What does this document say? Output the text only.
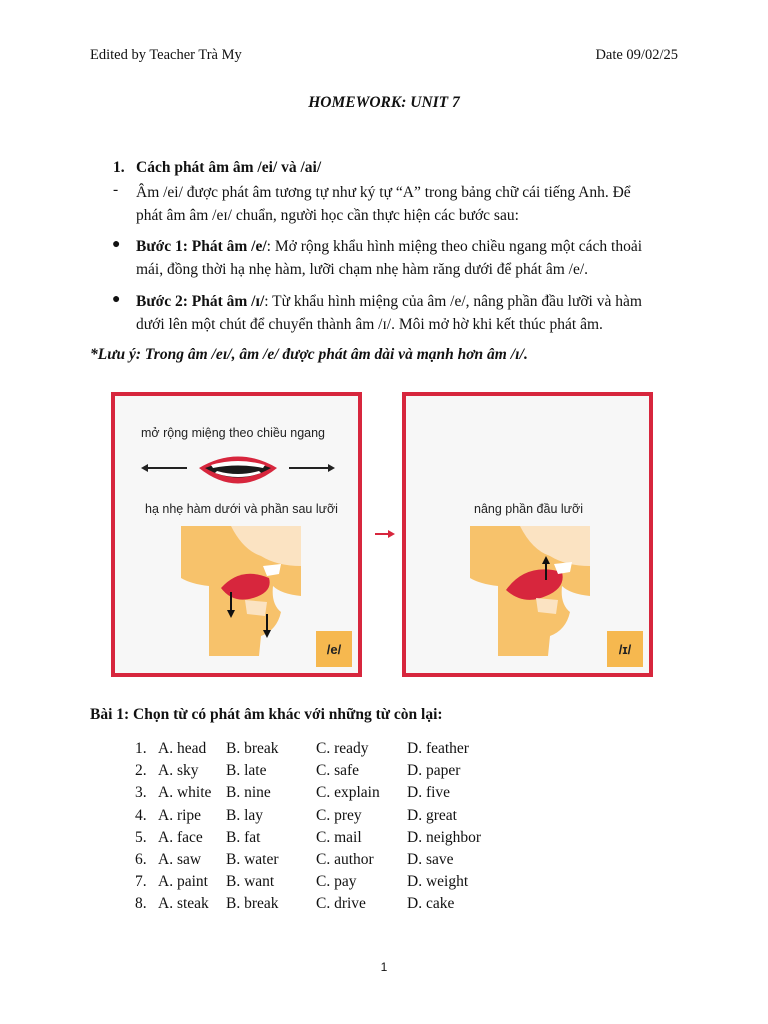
Edited by Teacher Trà My	Date 09/02/25
HOMEWORK: UNIT 7
1. Cách phát âm âm /ei/ và /ai/
- Âm /ei/ được phát âm tương tự như ký tự “A” trong bảng chữ cái tiếng Anh. Để
phát âm âm /eɪ/ chuẩn, người học cần thực hiện các bước sau:
● Bước 1: Phát âm /e/: Mở rộng khẩu hình miệng theo chiều ngang một cách thoải
mái, đồng thời hạ nhẹ hàm, lưỡi chạm nhẹ hàm răng dưới để phát âm /e/.
● Bước 2: Phát âm /ɪ/: Từ khẩu hình miệng của âm /e/, nâng phần đầu lưỡi và hàm
dưới lên một chút để chuyển thành âm /ɪ/. Môi mở hờ khi kết thúc phát âm.
*Lưu ý: Trong âm /eɪ/, âm /e/ được phát âm dài và mạnh hơn âm /ɪ/.
mở rộng miệng theo chiều ngang
hạ nhẹ hàm dưới và phần sau lưỡi
/e/
nâng phần đầu lưỡi
/ɪ/
Bài 1: Chọn từ có phát âm khác với những từ còn lại:
1. A. head B. break C. ready D. feather
2. A. sky B. late	C. safe	D. paper
3. A. white B. nine	C. explain D. five
4. A. ripe B. lay	C. prey	D. great
5. A. face B. fat	C. mail	D. neighbor
6. A. saw B. water C. author D. save
7. A. paint B. want	C. pay	D. weight
8. A. steak B. break C. drive	D. cake
1
